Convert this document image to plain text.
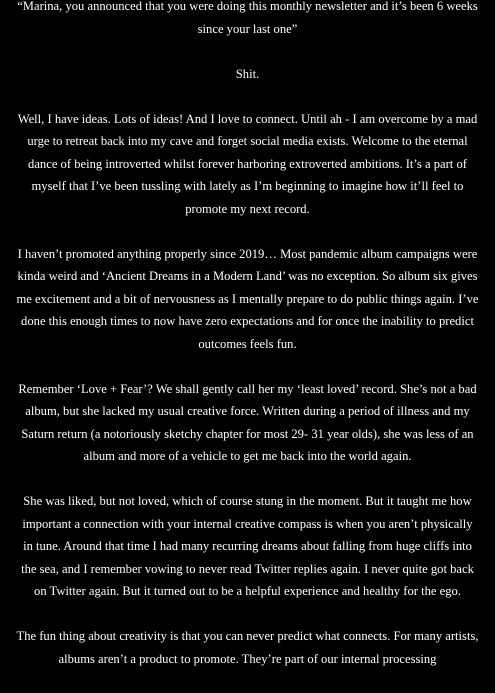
“Marina, you announced that you were doing this monthly newsletter and it’s been 6 weeks since your last one”

Shit.

Well, I have ideas. Lots of ideas! And I love to connect. Until ah - I am overcome by a mad urge to retreat back into my cave and forget social media exists. Welcome to the eternal dance of being introverted whilst forever harboring extroverted ambitions. It’s a part of myself that I’ve been tussling with lately as I’m beginning to imagine how it’ll feel to promote my next record.

I haven’t promoted anything properly since 2019… Most pandemic album campaigns were kinda weird and ‘Ancient Dreams in a Modern Land’ was no exception. So album six gives me excitement and a bit of nervousness as I mentally prepare to do public things again. I’ve done this enough times to now have zero expectations and for once the inability to predict outcomes feels fun.

Remember ‘Love + Fear’? We shall gently call her my ‘least loved’ record. She’s not a bad album, but she lacked my usual creative force. Written during a period of illness and my Saturn return (a notoriously sketchy chapter for most 29- 31 year olds), she was less of an album and more of a vehicle to get me back into the world again.

She was liked, but not loved, which of course stung in the moment. But it taught me how important a connection with your internal creative compass is when you aren’t physically in tune. Around that time I had many recurring dreams about falling from huge cliffs into the sea, and I remember vowing to never read Twitter replies again. I never quite got back on Twitter again. But it turned out to be a helpful experience and healthy for the ego.

The fun thing about creativity is that you can never predict what connects. For many artists, albums aren’t a product to promote. They’re part of our internal processing
